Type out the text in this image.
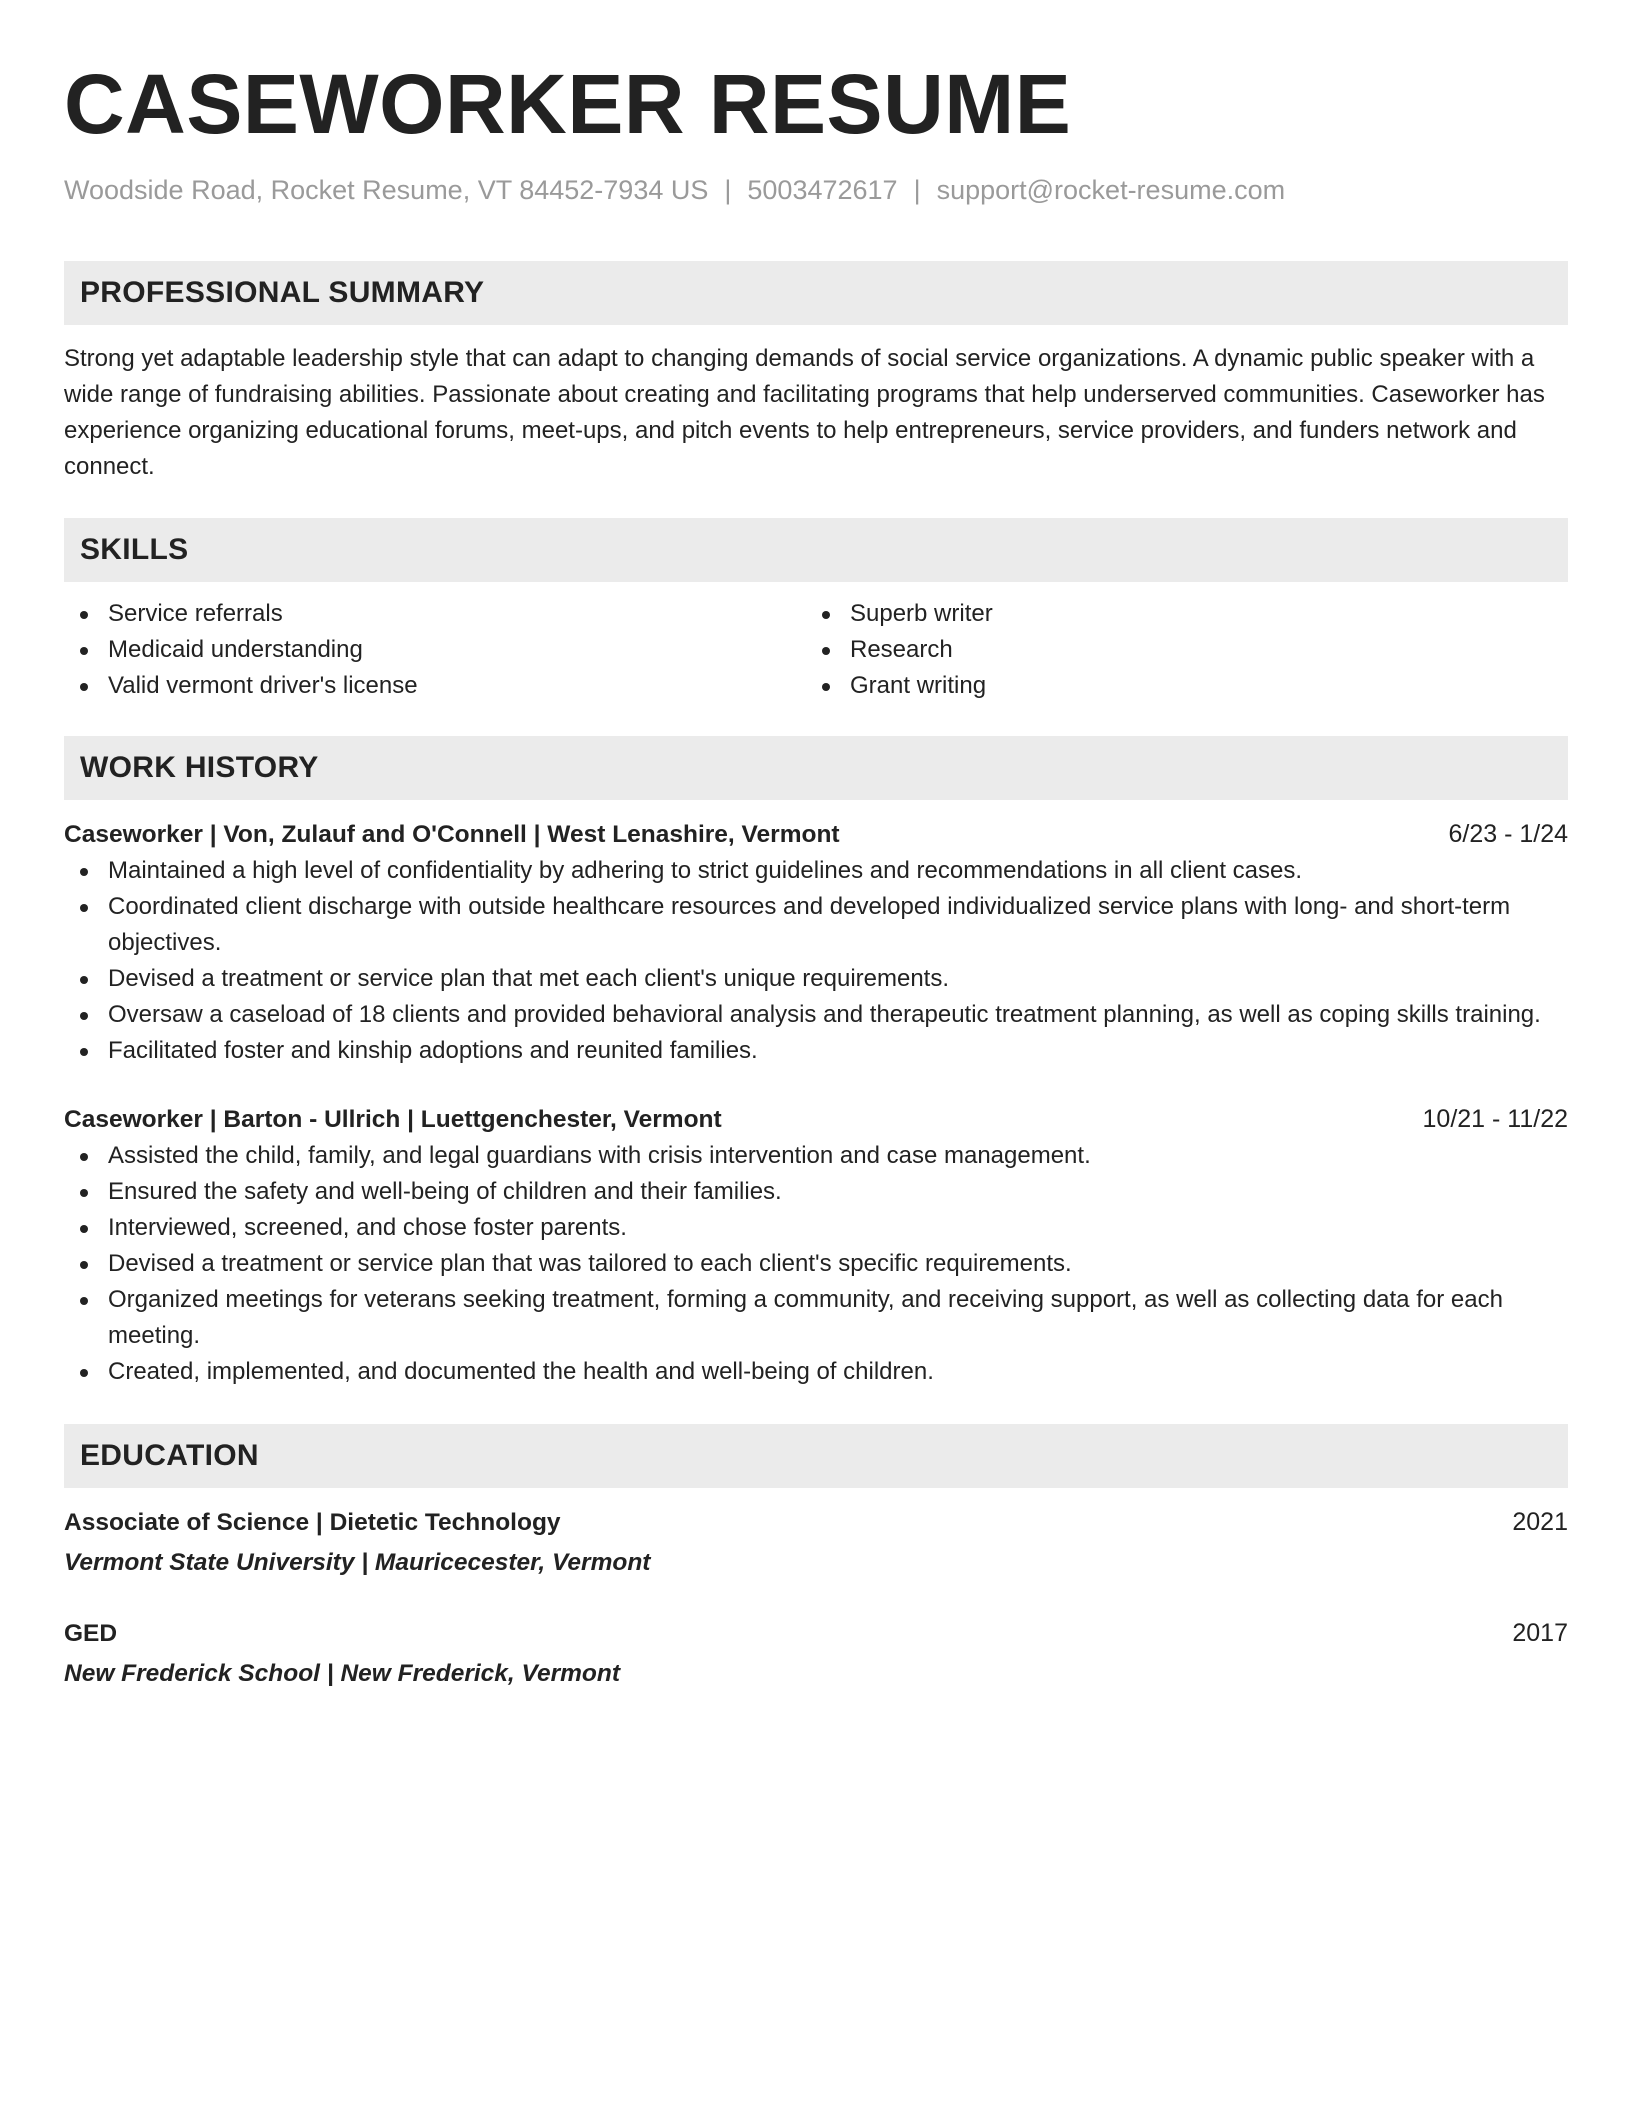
CASEWORKER RESUME
Woodside Road, Rocket Resume, VT 84452-7934 US | 5003472617 | support@rocket-resume.com
PROFESSIONAL SUMMARY
Strong yet adaptable leadership style that can adapt to changing demands of social service organizations. A dynamic public speaker with a wide range of fundraising abilities. Passionate about creating and facilitating programs that help underserved communities. Caseworker has experience organizing educational forums, meet-ups, and pitch events to help entrepreneurs, service providers, and funders network and connect.
SKILLS
Service referrals
Medicaid understanding
Valid vermont driver's license
Superb writer
Research
Grant writing
WORK HISTORY
Caseworker | Von, Zulauf and O'Connell | West Lenashire, Vermont	6/23 - 1/24
Maintained a high level of confidentiality by adhering to strict guidelines and recommendations in all client cases.
Coordinated client discharge with outside healthcare resources and developed individualized service plans with long- and short-term objectives.
Devised a treatment or service plan that met each client's unique requirements.
Oversaw a caseload of 18 clients and provided behavioral analysis and therapeutic treatment planning, as well as coping skills training.
Facilitated foster and kinship adoptions and reunited families.
Caseworker | Barton - Ullrich | Luettgenchester, Vermont	10/21 - 11/22
Assisted the child, family, and legal guardians with crisis intervention and case management.
Ensured the safety and well-being of children and their families.
Interviewed, screened, and chose foster parents.
Devised a treatment or service plan that was tailored to each client's specific requirements.
Organized meetings for veterans seeking treatment, forming a community, and receiving support, as well as collecting data for each meeting.
Created, implemented, and documented the health and well-being of children.
EDUCATION
Associate of Science | Dietetic Technology	2021
Vermont State University | Mauricecester, Vermont
GED	2017
New Frederick School | New Frederick, Vermont
